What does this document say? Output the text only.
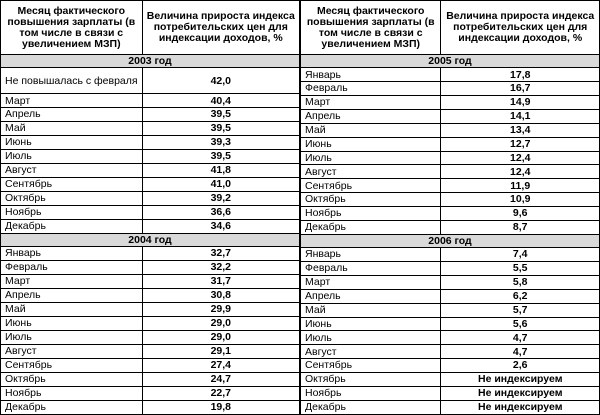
Месяц фактического повышения зарплаты (в том числе в связи с увеличением МЗП)	Величина прироста индекса потребительских цен для индексации доходов, %
2003 год	
Не повышалась с февраля	42,0
Март	40,4
Апрель	39,5
Май	39,5
Июнь	39,3
Июль	39,5
Август	41,8
Сентябрь	41,0
Октябрь	39,2
Ноябрь	36,6
Декабрь	34,6
2004 год	
Январь	32,7
Февраль	32,2
Март	31,7
Апрель	30,8
Май	29,9
Июнь	29,0
Июль	29,0
Август	29,1
Сентябрь	27,4
Октябрь	24,7
Ноябрь	22,7
Декабрь	19,8
Месяц фактического повышения зарплаты (в том числе в связи с увеличением МЗП)	Величина прироста индекса потребительских цен для индексации доходов, %
2005 год	
Январь	17,8
Февраль	16,7
Март	14,9
Апрель	14,1
Май	13,4
Июнь	12,7
Июль	12,4
Август	12,4
Сентябрь	11,9
Октябрь	10,9
Ноябрь	9,6
Декабрь	8,7
2006 год	
Январь	7,4
Февраль	5,5
Март	5,8
Апрель	6,2
Май	5,7
Июнь	5,6
Июль	4,7
Август	4,7
Сентябрь	2,6
Октябрь	Не индексируем
Ноябрь	Не индексируем
Декабрь	Не индексируем
